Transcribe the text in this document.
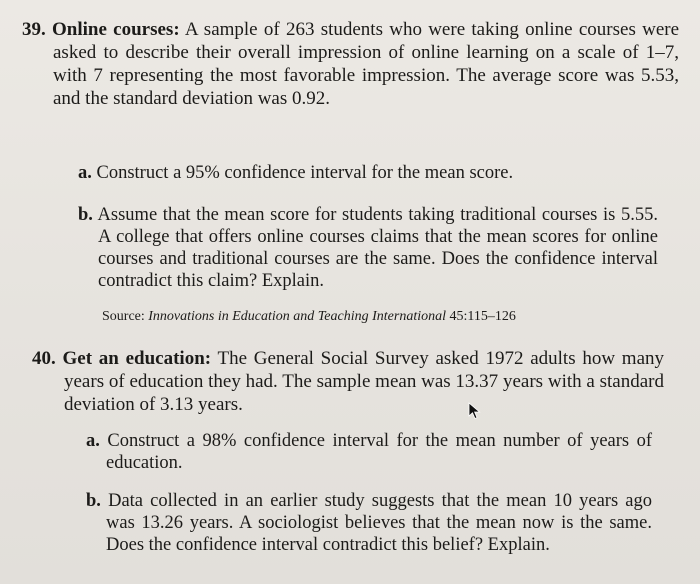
39. Online courses: A sample of 263 students who were taking online courses were asked to describe their overall impression of online learning on a scale of 1–7, with 7 representing the most favorable impression. The average score was 5.53, and the standard deviation was 0.92.
a. Construct a 95% confidence interval for the mean score.
b. Assume that the mean score for students taking traditional courses is 5.55. A college that offers online courses claims that the mean scores for online courses and traditional courses are the same. Does the confidence interval contradict this claim? Explain.
Source: Innovations in Education and Teaching International 45:115–126
40. Get an education: The General Social Survey asked 1972 adults how many years of education they had. The sample mean was 13.37 years with a standard deviation of 3.13 years.
a. Construct a 98% confidence interval for the mean number of years of education.
b. Data collected in an earlier study suggests that the mean 10 years ago was 13.26 years. A sociologist believes that the mean now is the same. Does the confidence interval contradict this belief? Explain.
